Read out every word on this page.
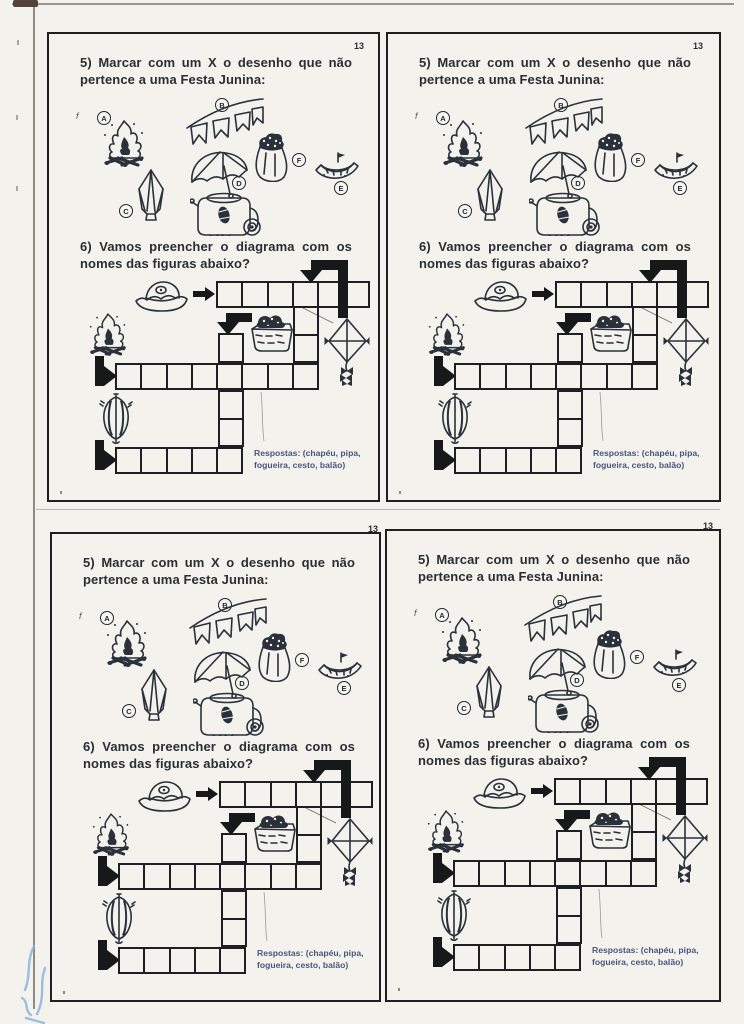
13
5) Marcar com um X o desenho que não
pertence a uma Festa Junina:
f	A
B
C
D
F
E
6) Vamos preencher o diagrama com os
nomes das figuras abaixo?
Respostas: (chapéu, pipa,
fogueira, cesto, balão)
13
5) Marcar com um X o desenho que não
pertence a uma Festa Junina:
f	A
B
C
D
F
E
6) Vamos preencher o diagrama com os
nomes das figuras abaixo?
Respostas: (chapéu, pipa,
fogueira, cesto, balão)
13
5) Marcar com um X o desenho que não
pertence a uma Festa Junina:
f	A
B
C
D
F
E
6) Vamos preencher o diagrama com os
nomes das figuras abaixo?
Respostas: (chapéu, pipa,
fogueira, cesto, balão)
13
5) Marcar com um X o desenho que não
pertence a uma Festa Junina:
f	A
B
C
D
F
E
6) Vamos preencher o diagrama com os
nomes das figuras abaixo?
Respostas: (chapéu, pipa,
fogueira, cesto, balão)
